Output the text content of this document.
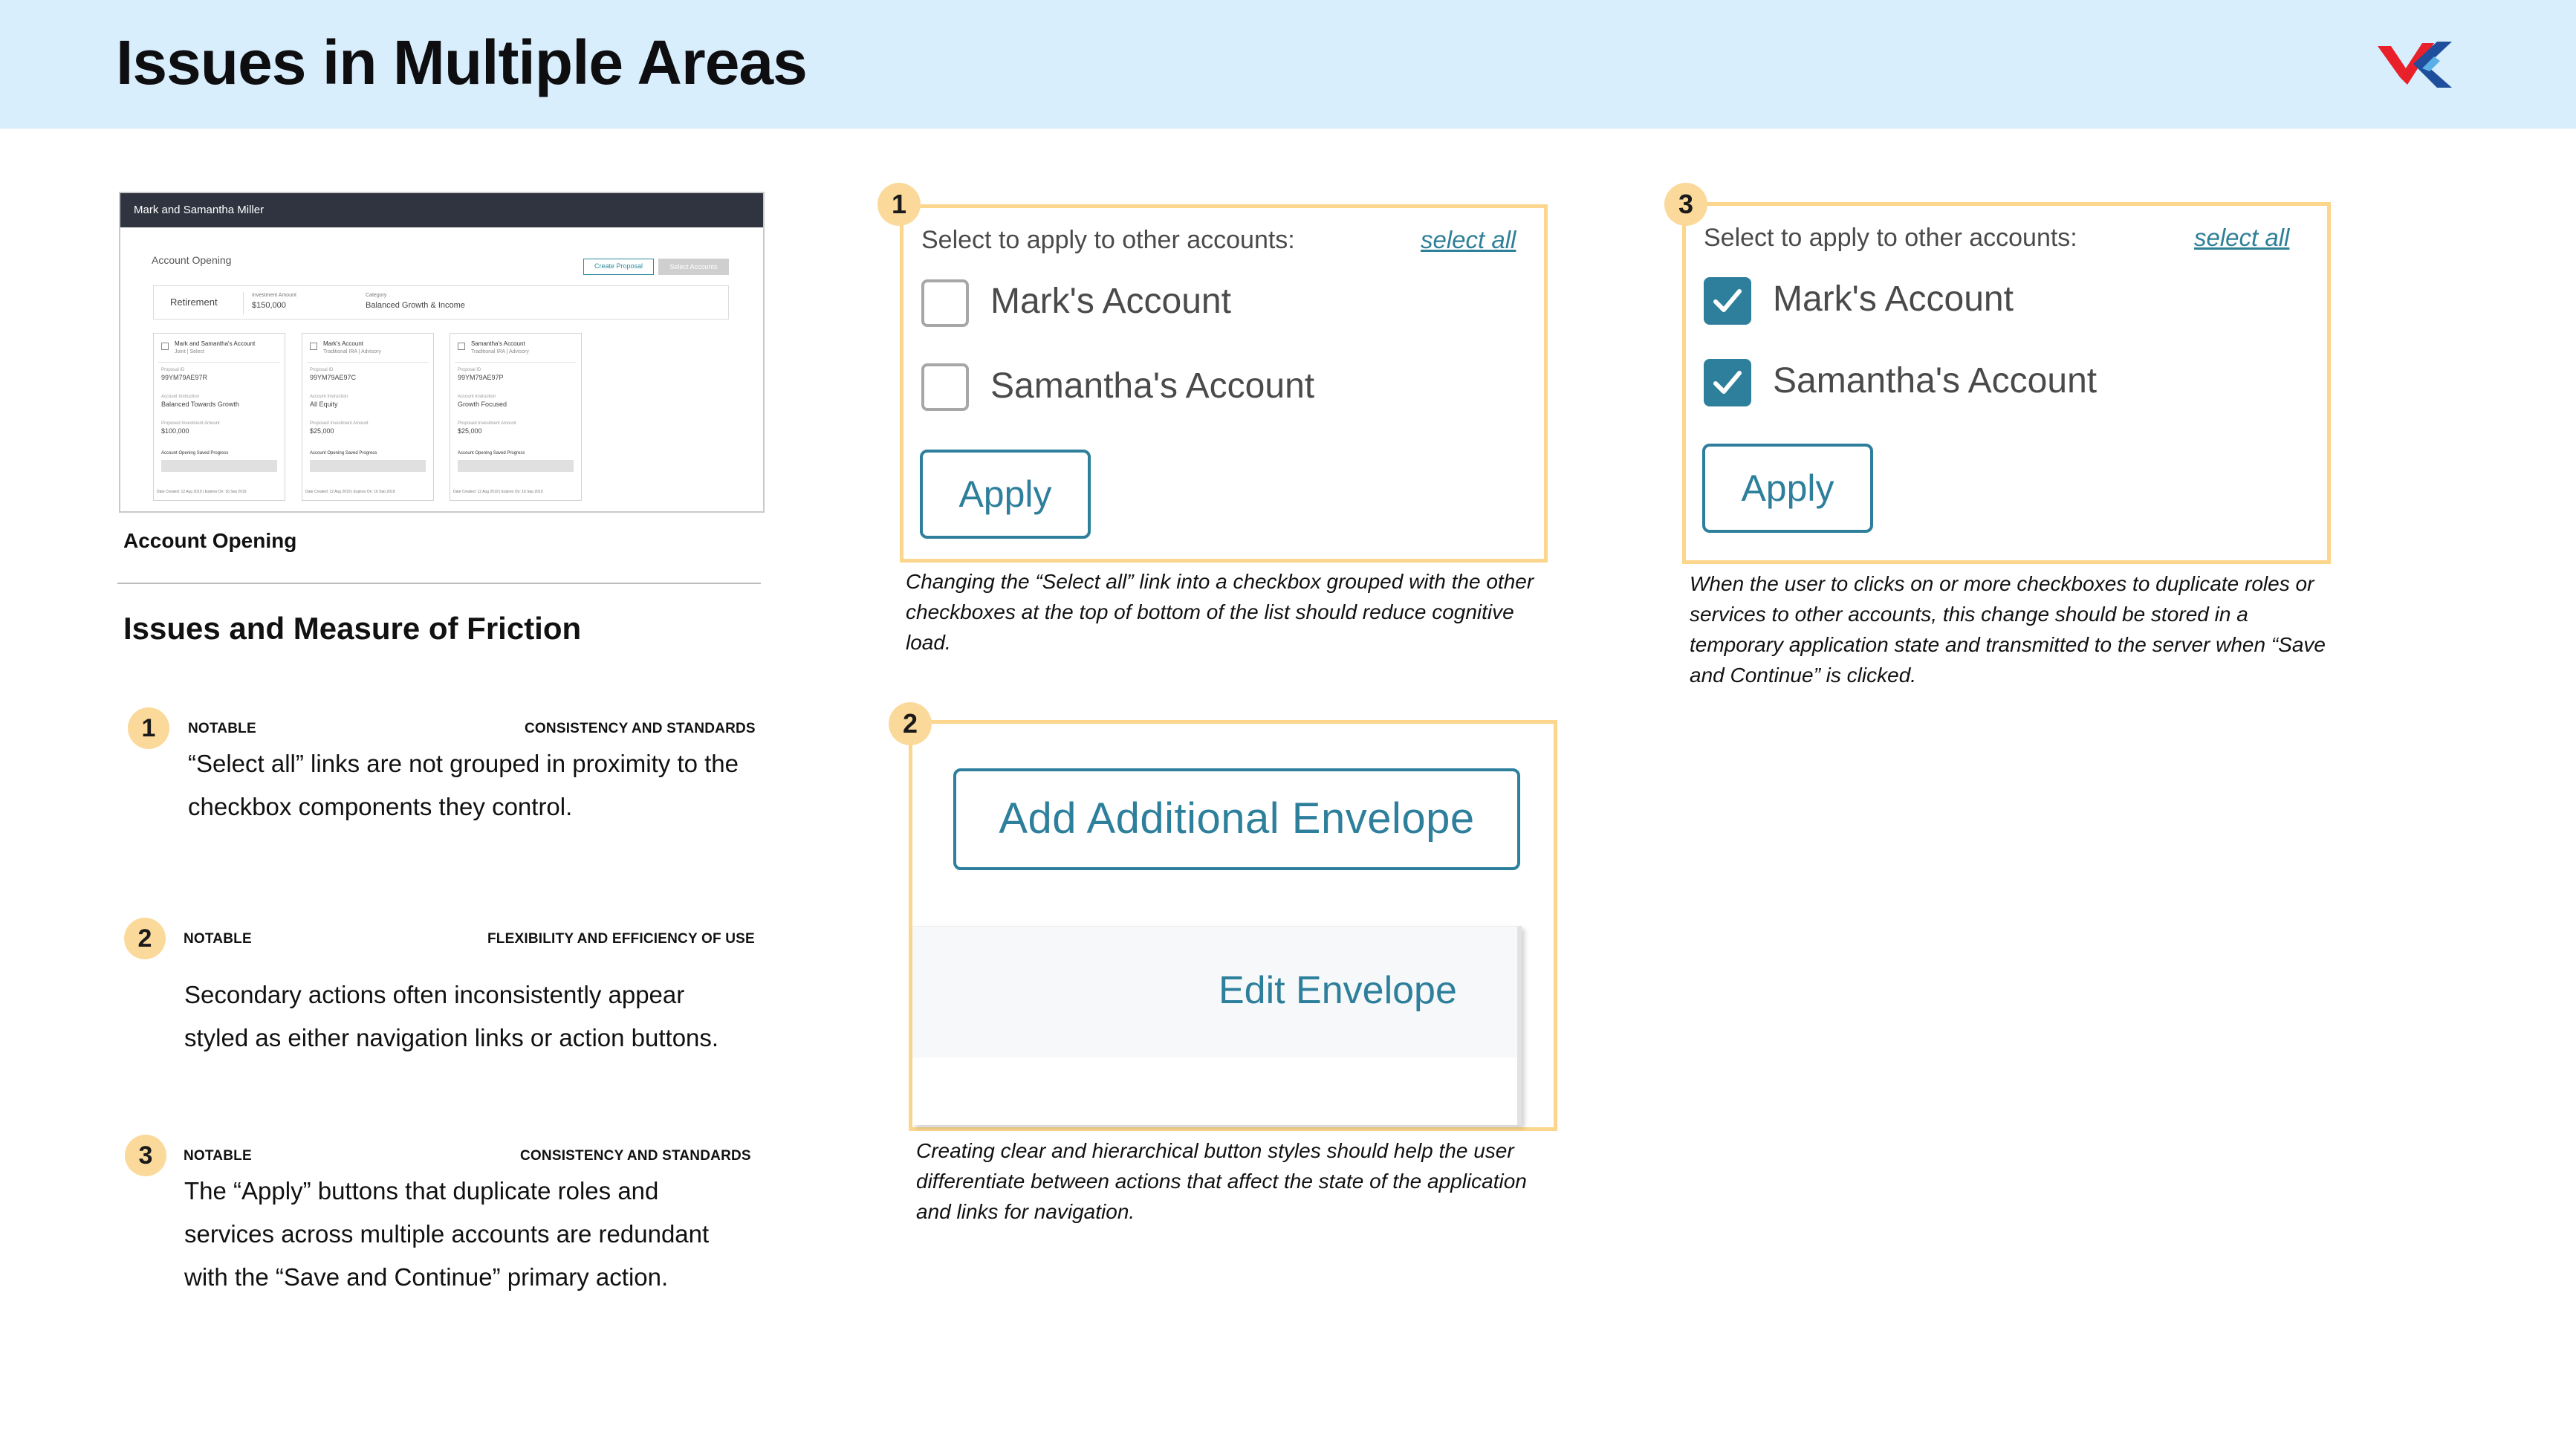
Issues in Multiple Areas
Mark and Samantha Miller
Account Opening	Create Proposal	Select Accounts
Retirement
Investment Amount
$150,000
Category
Balanced Growth & Income
Mark and Samantha's Account
Joint | Select
Proposal ID
99YM79AE97R
Account Instruction
Balanced Towards Growth
Proposed Investment Amount
$100,000
Account Opening Saved Progress
Date Created: 12 Aug 2019 | Expires On: 16 Sep 2019
Mark's Account
Traditional IRA | Advisory
Proposal ID
99YM79AE97C
Account Instruction
All Equity
Proposed Investment Amount
$25,000
Account Opening Saved Progress
Date Created: 12 Aug 2019 | Expires On: 16 Sep 2019
Samantha's Account
Traditional IRA | Advisory
Proposal ID
99YM79AE97P
Account Instruction
Growth Focused
Proposed Investment Amount
$25,000
Account Opening Saved Progress
Date Created: 12 Aug 2019 | Expires On: 16 Sep 2019
Account Opening
Issues and Measure of Friction
1	NOTABLE	CONSISTENCY AND STANDARDS
“Select all” links are not grouped in proximity to the
checkbox components they control.
2	NOTABLE	FLEXIBILITY AND EFFICIENCY OF USE
Secondary actions often inconsistently appear
styled as either navigation links or action buttons.
3	NOTABLE	CONSISTENCY AND STANDARDS
The “Apply” buttons that duplicate roles and
services across multiple accounts are redundant
with the “Save and Continue” primary action.
Select to apply to other accounts:	select all
Mark's Account
Samantha's Account
Apply
1
Changing the “Select all” link into a checkbox grouped with the other
checkboxes at the top of bottom of the list should reduce cognitive
load.
Add Additional Envelope
Edit Envelope
2
Creating clear and hierarchical button styles should help the user
differentiate between actions that affect the state of the application
and links for navigation.
Select to apply to other accounts:	select all
Mark's Account
Samantha's Account
Apply
3
When the user to clicks on or more checkboxes to duplicate roles or
services to other accounts, this change should be stored in a
temporary application state and transmitted to the server when “Save
and Continue” is clicked.
